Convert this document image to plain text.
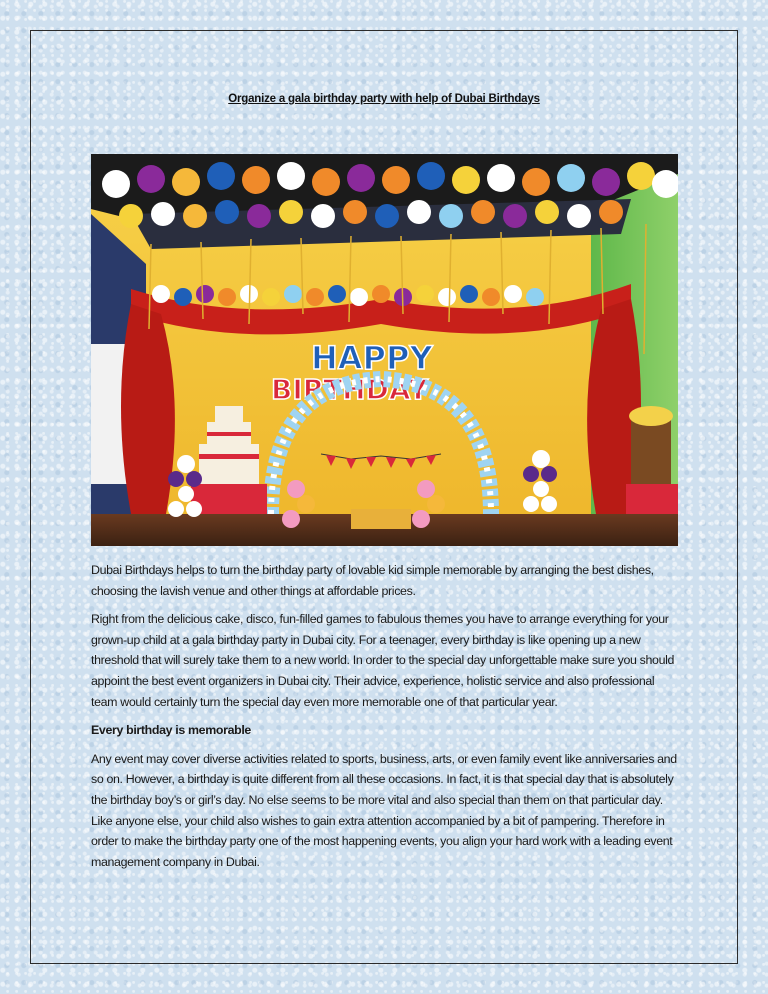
Organize a gala birthday party with help of Dubai Birthdays
HAPPY
BIRTHDAY

Dubai Birthdays helps to turn the birthday party of lovable kid simple memorable by arranging the best dishes, choosing the lavish venue and other things at affordable prices.

Right from the delicious cake, disco, fun-filled games to fabulous themes you have to arrange everything for your grown-up child at a gala birthday party in Dubai city. For a teenager, every birthday is like opening up a new threshold that will surely take them to a new world. In order to the special day unforgettable make sure you should appoint the best event organizers in Dubai city. Their advice, experience, holistic service and also professional team would certainly turn the special day even more memorable one of that particular year.

Every birthday is memorable

Any event may cover diverse activities related to sports, business, arts, or even family event like anniversaries and so on. However, a birthday is quite different from all these occasions. In fact, it is that special day that is absolutely the birthday boy’s or girl’s day. No else seems to be more vital and also special than them on that particular day. Like anyone else, your child also wishes to gain extra attention accompanied by a bit of pampering. Therefore in order to make the birthday party one of the most happening events, you align your hard work with a leading event management company in Dubai.
